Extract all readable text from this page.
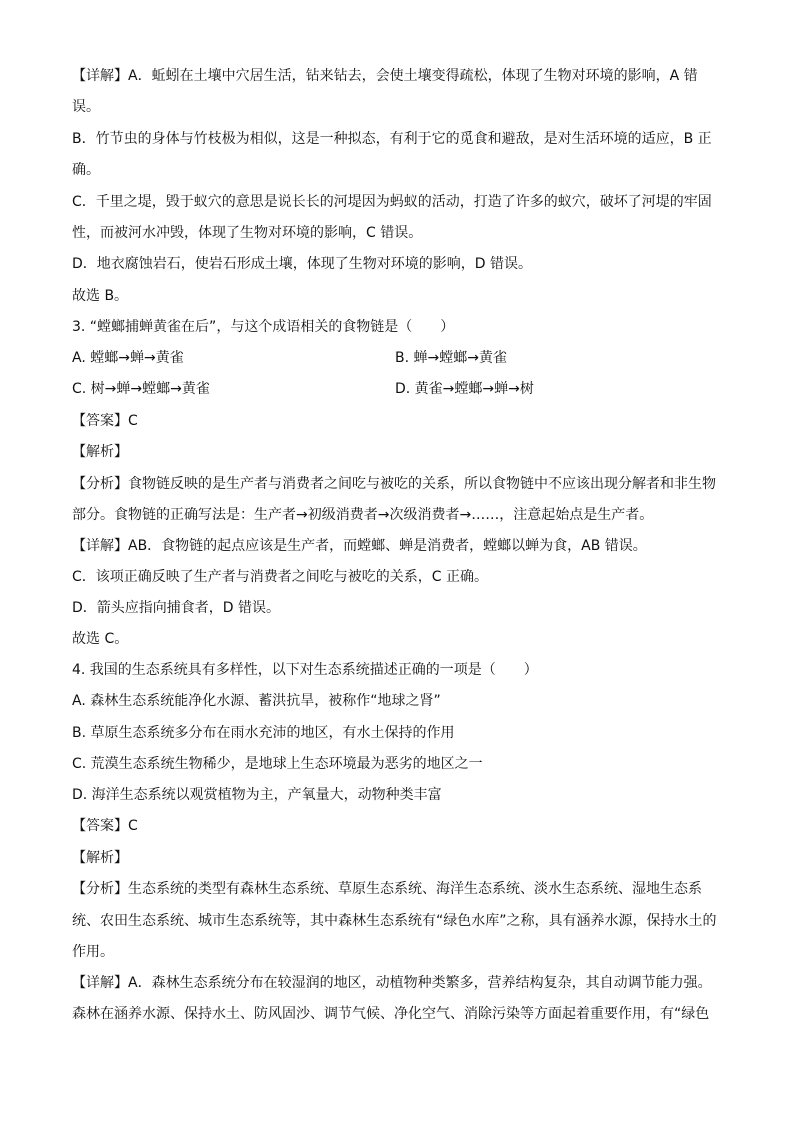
【详解】A．蚯蚓在土壤中穴居生活，钻来钻去，会使土壤变得疏松，体现了生物对环境的影响，A 错
误。
B．竹节虫的身体与竹枝极为相似，这是一种拟态，有利于它的觅食和避敌，是对生活环境的适应，B 正
确。
C．千里之堤，毁于蚁穴的意思是说长长的河堤因为蚂蚁的活动，打造了许多的蚁穴，破坏了河堤的牢固
性，而被河水冲毁，体现了生物对环境的影响，C 错误。
D．地衣腐蚀岩石，使岩石形成土壤，体现了生物对环境的影响，D 错误。
故选 B。
3. “螳螂捕蝉黄雀在后”，与这个成语相关的食物链是（　　）
A. 螳螂→蝉→黄雀	B. 蝉→螳螂→黄雀
C. 树→蝉→螳螂→黄雀	D. 黄雀→螳螂→蝉→树
【答案】C
【解析】
【分析】食物链反映的是生产者与消费者之间吃与被吃的关系，所以食物链中不应该出现分解者和非生物
部分。食物链的正确写法是：生产者→初级消费者→次级消费者→……，注意起始点是生产者。
【详解】AB．食物链的起点应该是生产者，而螳螂、蝉是消费者，螳螂以蝉为食，AB 错误。
C．该项正确反映了生产者与消费者之间吃与被吃的关系，C 正确。
D．箭头应指向捕食者，D 错误。
故选 C。
4. 我国的生态系统具有多样性，以下对生态系统描述正确的一项是（　　）
A. 森林生态系统能净化水源、蓄洪抗旱，被称作“地球之肾”
B. 草原生态系统多分布在雨水充沛的地区，有水土保持的作用
C. 荒漠生态系统生物稀少，是地球上生态环境最为恶劣的地区之一
D. 海洋生态系统以观赏植物为主，产氧量大，动物种类丰富
【答案】C
【解析】
【分析】生态系统的类型有森林生态系统、草原生态系统、海洋生态系统、淡水生态系统、湿地生态系
统、农田生态系统、城市生态系统等，其中森林生态系统有“绿色水库”之称，具有涵养水源，保持水土的
作用。
【详解】A．森林生态系统分布在较湿润的地区，动植物种类繁多，营养结构复杂，其自动调节能力强。
森林在涵养水源、保持水土、防风固沙、调节气候、净化空气、消除污染等方面起着重要作用，有“绿色
